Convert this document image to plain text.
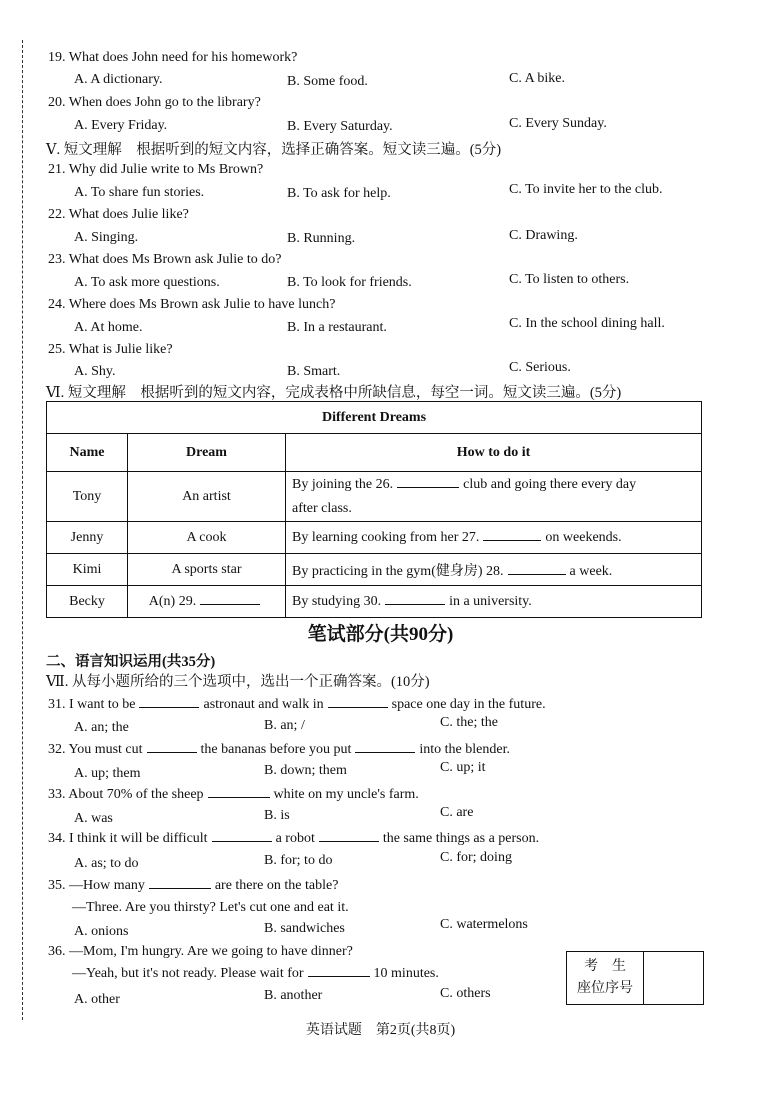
19. What does John need for his homework?
A. A dictionary.	B. Some food.	C. A bike.
20. When does John go to the library?
A. Every Friday.	B. Every Saturday.	C. Every Sunday.
Ⅴ. 短文理解　根据听到的短文内容，选择正确答案。短文读三遍。(5分)
21. Why did Julie write to Ms Brown?
A. To share fun stories.	B. To ask for help.	C. To invite her to the club.
22. What does Julie like?
A. Singing.	B. Running.	C. Drawing.
23. What does Ms Brown ask Julie to do?
A. To ask more questions.	B. To look for friends.	C. To listen to others.
24. Where does Ms Brown ask Julie to have lunch?
A. At home.	B. In a restaurant.	C. In the school dining hall.
25. What is Julie like?
A. Shy.	B. Smart.	C. Serious.
Ⅵ. 短文理解　根据听到的短文内容，完成表格中所缺信息，每空一词。短文读三遍。(5分)
Different Dreams		
Name	Dream	How to do it
Tony	An artist	By joining the 26. club and going there every day
after class.
Jenny	A cook	By learning cooking from her 27. on weekends.
Kimi	A sports star	By practicing in the gym(健身房) 28. a week.
Becky	A(n) 29.	By studying 30. in a university.
笔试部分(共90分)
二、语言知识运用(共35分)
Ⅶ. 从每小题所给的三个选项中，选出一个正确答案。(10分)
31. I want to be	astronaut and walk in	space one day in the future.
A. an; the	B. an; /	C. the; the
32. You must cut	the bananas before you put	into the blender.
A. up; them	B. down; them	C. up; it
33. About 70% of the sheep	white on my uncle's farm.
A. was	B. is	C. are
34. I think it will be difficult	a robot	the same things as a person.
A. as; to do	B. for; to do	C. for; doing
35. —How many	are there on the table?
—Three. Are you thirsty? Let's cut one and eat it.
A. onions	B. sandwiches	C. watermelons
36. —Mom, I'm hungry. Are we going to have dinner?
—Yeah, but it's not ready. Please wait for	10 minutes.
A. other	B. another	C. others
考　生
座位序号
英语试题　第2页(共8页)
